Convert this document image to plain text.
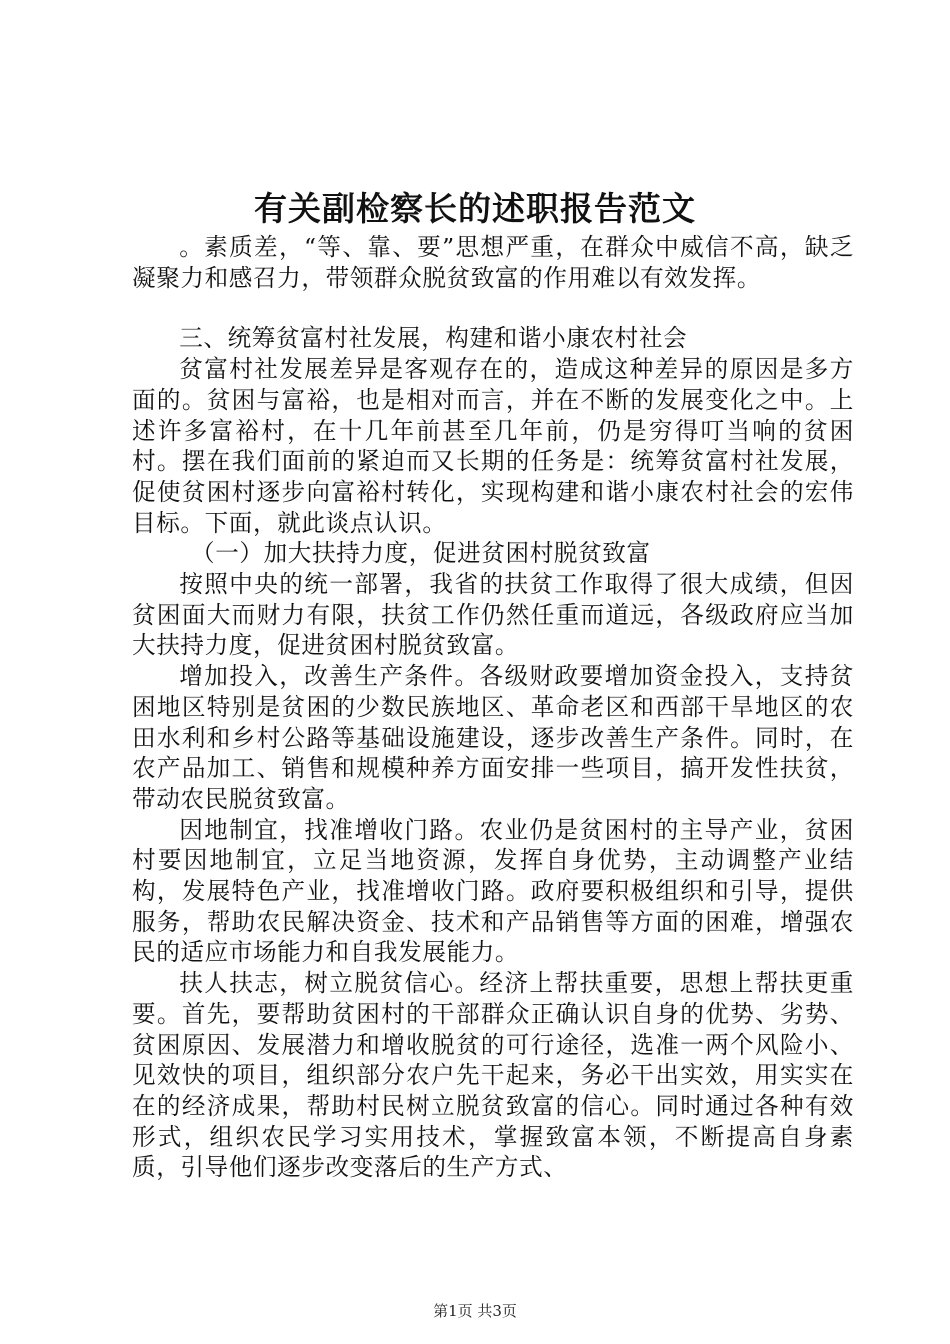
有关副检察长的述职报告范文

。素质差，“等、靠、要”思想严重，在群众中威信不高，缺乏凝聚力和感召力，带领群众脱贫致富的作用难以有效发挥。

三、统筹贫富村社发展，构建和谐小康农村社会

贫富村社发展差异是客观存在的，造成这种差异的原因是多方面的。贫困与富裕，也是相对而言，并在不断的发展变化之中。上述许多富裕村，在十几年前甚至几年前，仍是穷得叮当响的贫困村。摆在我们面前的紧迫而又长期的任务是：统筹贫富村社发展，促使贫困村逐步向富裕村转化，实现构建和谐小康农村社会的宏伟目标。下面，就此谈点认识。

（一）加大扶持力度，促进贫困村脱贫致富

按照中央的统一部署，我省的扶贫工作取得了很大成绩，但因贫困面大而财力有限，扶贫工作仍然任重而道远，各级政府应当加大扶持力度，促进贫困村脱贫致富。

增加投入，改善生产条件。各级财政要增加资金投入，支持贫困地区特别是贫困的少数民族地区、革命老区和西部干旱地区的农田水利和乡村公路等基础设施建设，逐步改善生产条件。同时，在农产品加工、销售和规模种养方面安排一些项目，搞开发性扶贫，带动农民脱贫致富。

因地制宜，找准增收门路。农业仍是贫困村的主导产业，贫困村要因地制宜，立足当地资源，发挥自身优势，主动调整产业结构，发展特色产业，找准增收门路。政府要积极组织和引导，提供服务，帮助农民解决资金、技术和产品销售等方面的困难，增强农民的适应市场能力和自我发展能力。

扶人扶志，树立脱贫信心。经济上帮扶重要，思想上帮扶更重要。首先，要帮助贫困村的干部群众正确认识自身的优势、劣势、贫困原因、发展潜力和增收脱贫的可行途径，选准一两个风险小、见效快的项目，组织部分农户先干起来，务必干出实效，用实实在在的经济成果，帮助村民树立脱贫致富的信心。同时通过各种有效形式，组织农民学习实用技术，掌握致富本领，不断提高自身素质，引导他们逐步改变落后的生产方式、

第1页 共3页
